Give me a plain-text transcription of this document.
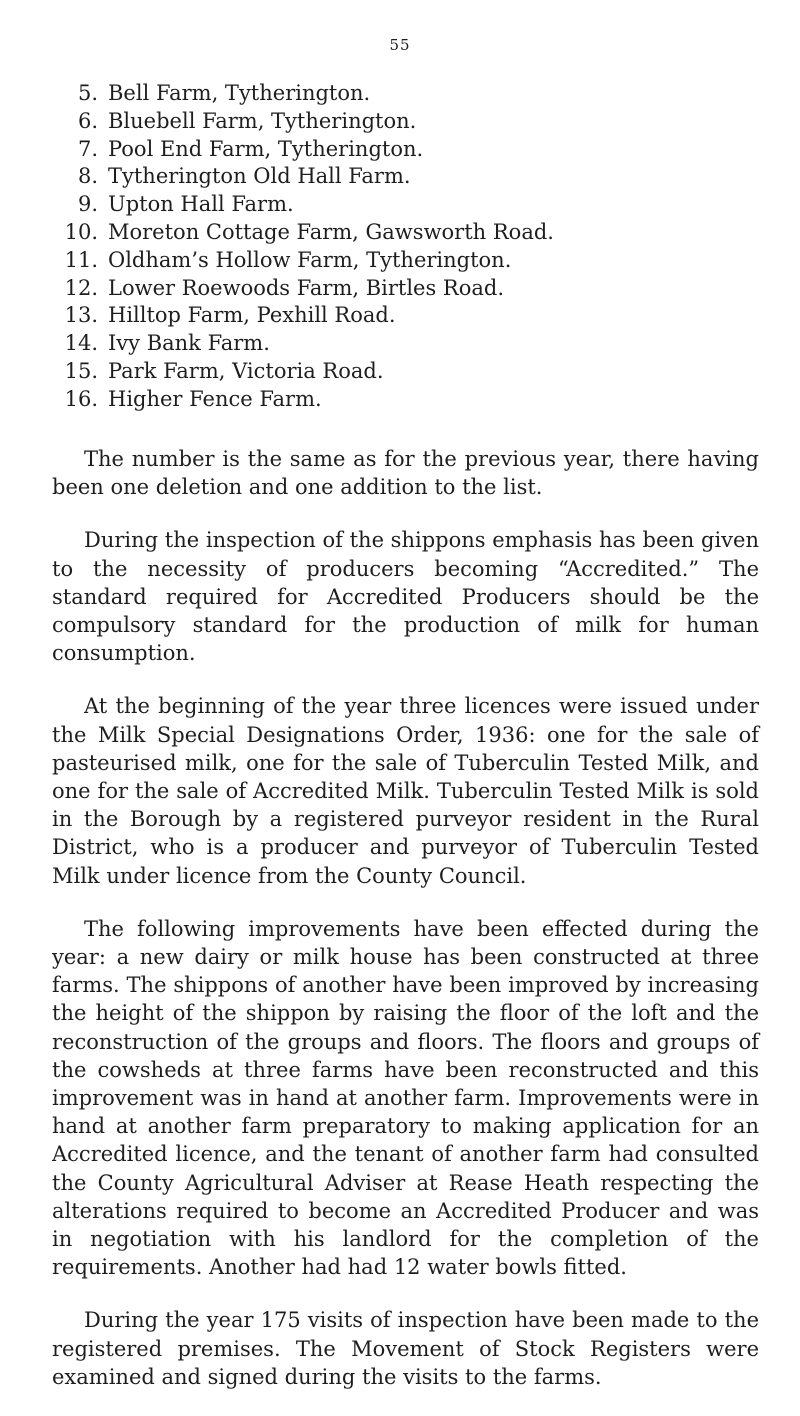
55
5. Bell Farm, Tytherington.
6. Bluebell Farm, Tytherington.
7. Pool End Farm, Tytherington.
8. Tytherington Old Hall Farm.
9. Upton Hall Farm.
10. Moreton Cottage Farm, Gawsworth Road.
11. Oldham’s Hollow Farm, Tytherington.
12. Lower Roewoods Farm, Birtles Road.
13. Hilltop Farm, Pexhill Road.
14. Ivy Bank Farm.
15. Park Farm, Victoria Road.
16. Higher Fence Farm.

The number is the same as for the previous year, there having been one deletion and one addition to the list.

During the inspection of the shippons emphasis has been given to the necessity of producers becoming “Accredited.” The standard required for Accredited Producers should be the compulsory standard for the production of milk for human consumption.

At the beginning of the year three licences were issued under the Milk Special Designations Order, 1936: one for the sale of pasteurised milk, one for the sale of Tuberculin Tested Milk, and one for the sale of Accredited Milk. Tuberculin Tested Milk is sold in the Borough by a registered purveyor resident in the Rural District, who is a producer and purveyor of Tuberculin Tested Milk under licence from the County Council.

The following improvements have been effected during the year: a new dairy or milk house has been constructed at three farms. The shippons of another have been improved by increasing the height of the shippon by raising the floor of the loft and the reconstruction of the groups and floors. The floors and groups of the cowsheds at three farms have been reconstructed and this improvement was in hand at another farm. Improvements were in hand at another farm preparatory to making application for an Accredited licence, and the tenant of another farm had consulted the County Agricultural Adviser at Rease Heath respecting the alterations required to become an Accredited Producer and was in negotiation with his landlord for the completion of the requirements. Another had had 12 water bowls fitted.

During the year 175 visits of inspection have been made to the registered premises. The Movement of Stock Registers were examined and signed during the visits to the farms.
